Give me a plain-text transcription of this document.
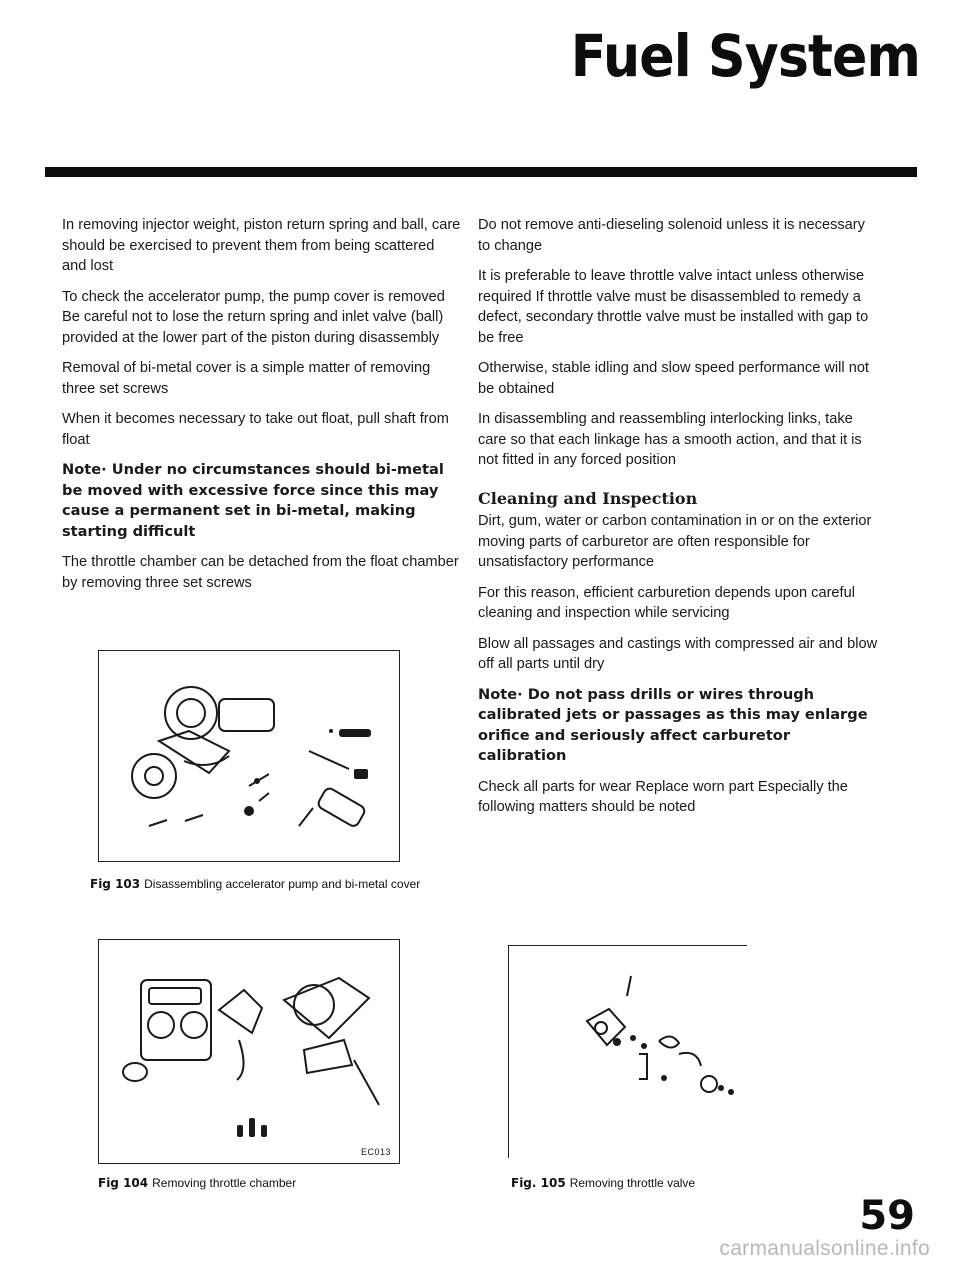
Fuel System

In removing injector weight, piston return spring and ball, care should be exercised to prevent them from being scattered and lost

To check the accelerator pump, the pump cover is removed Be careful not to lose the return spring and inlet valve (ball) provided at the lower part of the piston during disassembly

Removal of bi-metal cover is a simple matter of removing three set screws

When it becomes necessary to take out float, pull shaft from float

Note· Under no circumstances should bi-metal be moved with excessive force since this may cause a permanent set in bi-metal, making starting difficult

The throttle chamber can be detached from the float chamber by removing three set screws

Do not remove anti-dieseling solenoid unless it is necessary to change

It is preferable to leave throttle valve intact unless otherwise required If throttle valve must be disassembled to remedy a defect, secondary throttle valve must be installed with gap to be free

Otherwise, stable idling and slow speed performance will not be obtained

In disassembling and reassembling interlocking links, take care so that each linkage has a smooth action, and that it is not fitted in any forced position

Cleaning and Inspection

Dirt, gum, water or carbon contamination in or on the exterior moving parts of carburetor are often responsible for unsatisfactory performance

For this reason, efficient carburetion depends upon careful cleaning and inspection while servicing

Blow all passages and castings with compressed air and blow off all parts until dry

Note· Do not pass drills or wires through calibrated jets or passages as this may enlarge orifice and seriously affect carburetor calibration

Check all parts for wear Replace worn part Especially the following matters should be noted

Fig 103 Disassembling accelerator pump and bi-metal cover
EC013
Fig 104 Removing throttle chamber	Fig. 105 Removing throttle valve
59
carmanualsonline.info
